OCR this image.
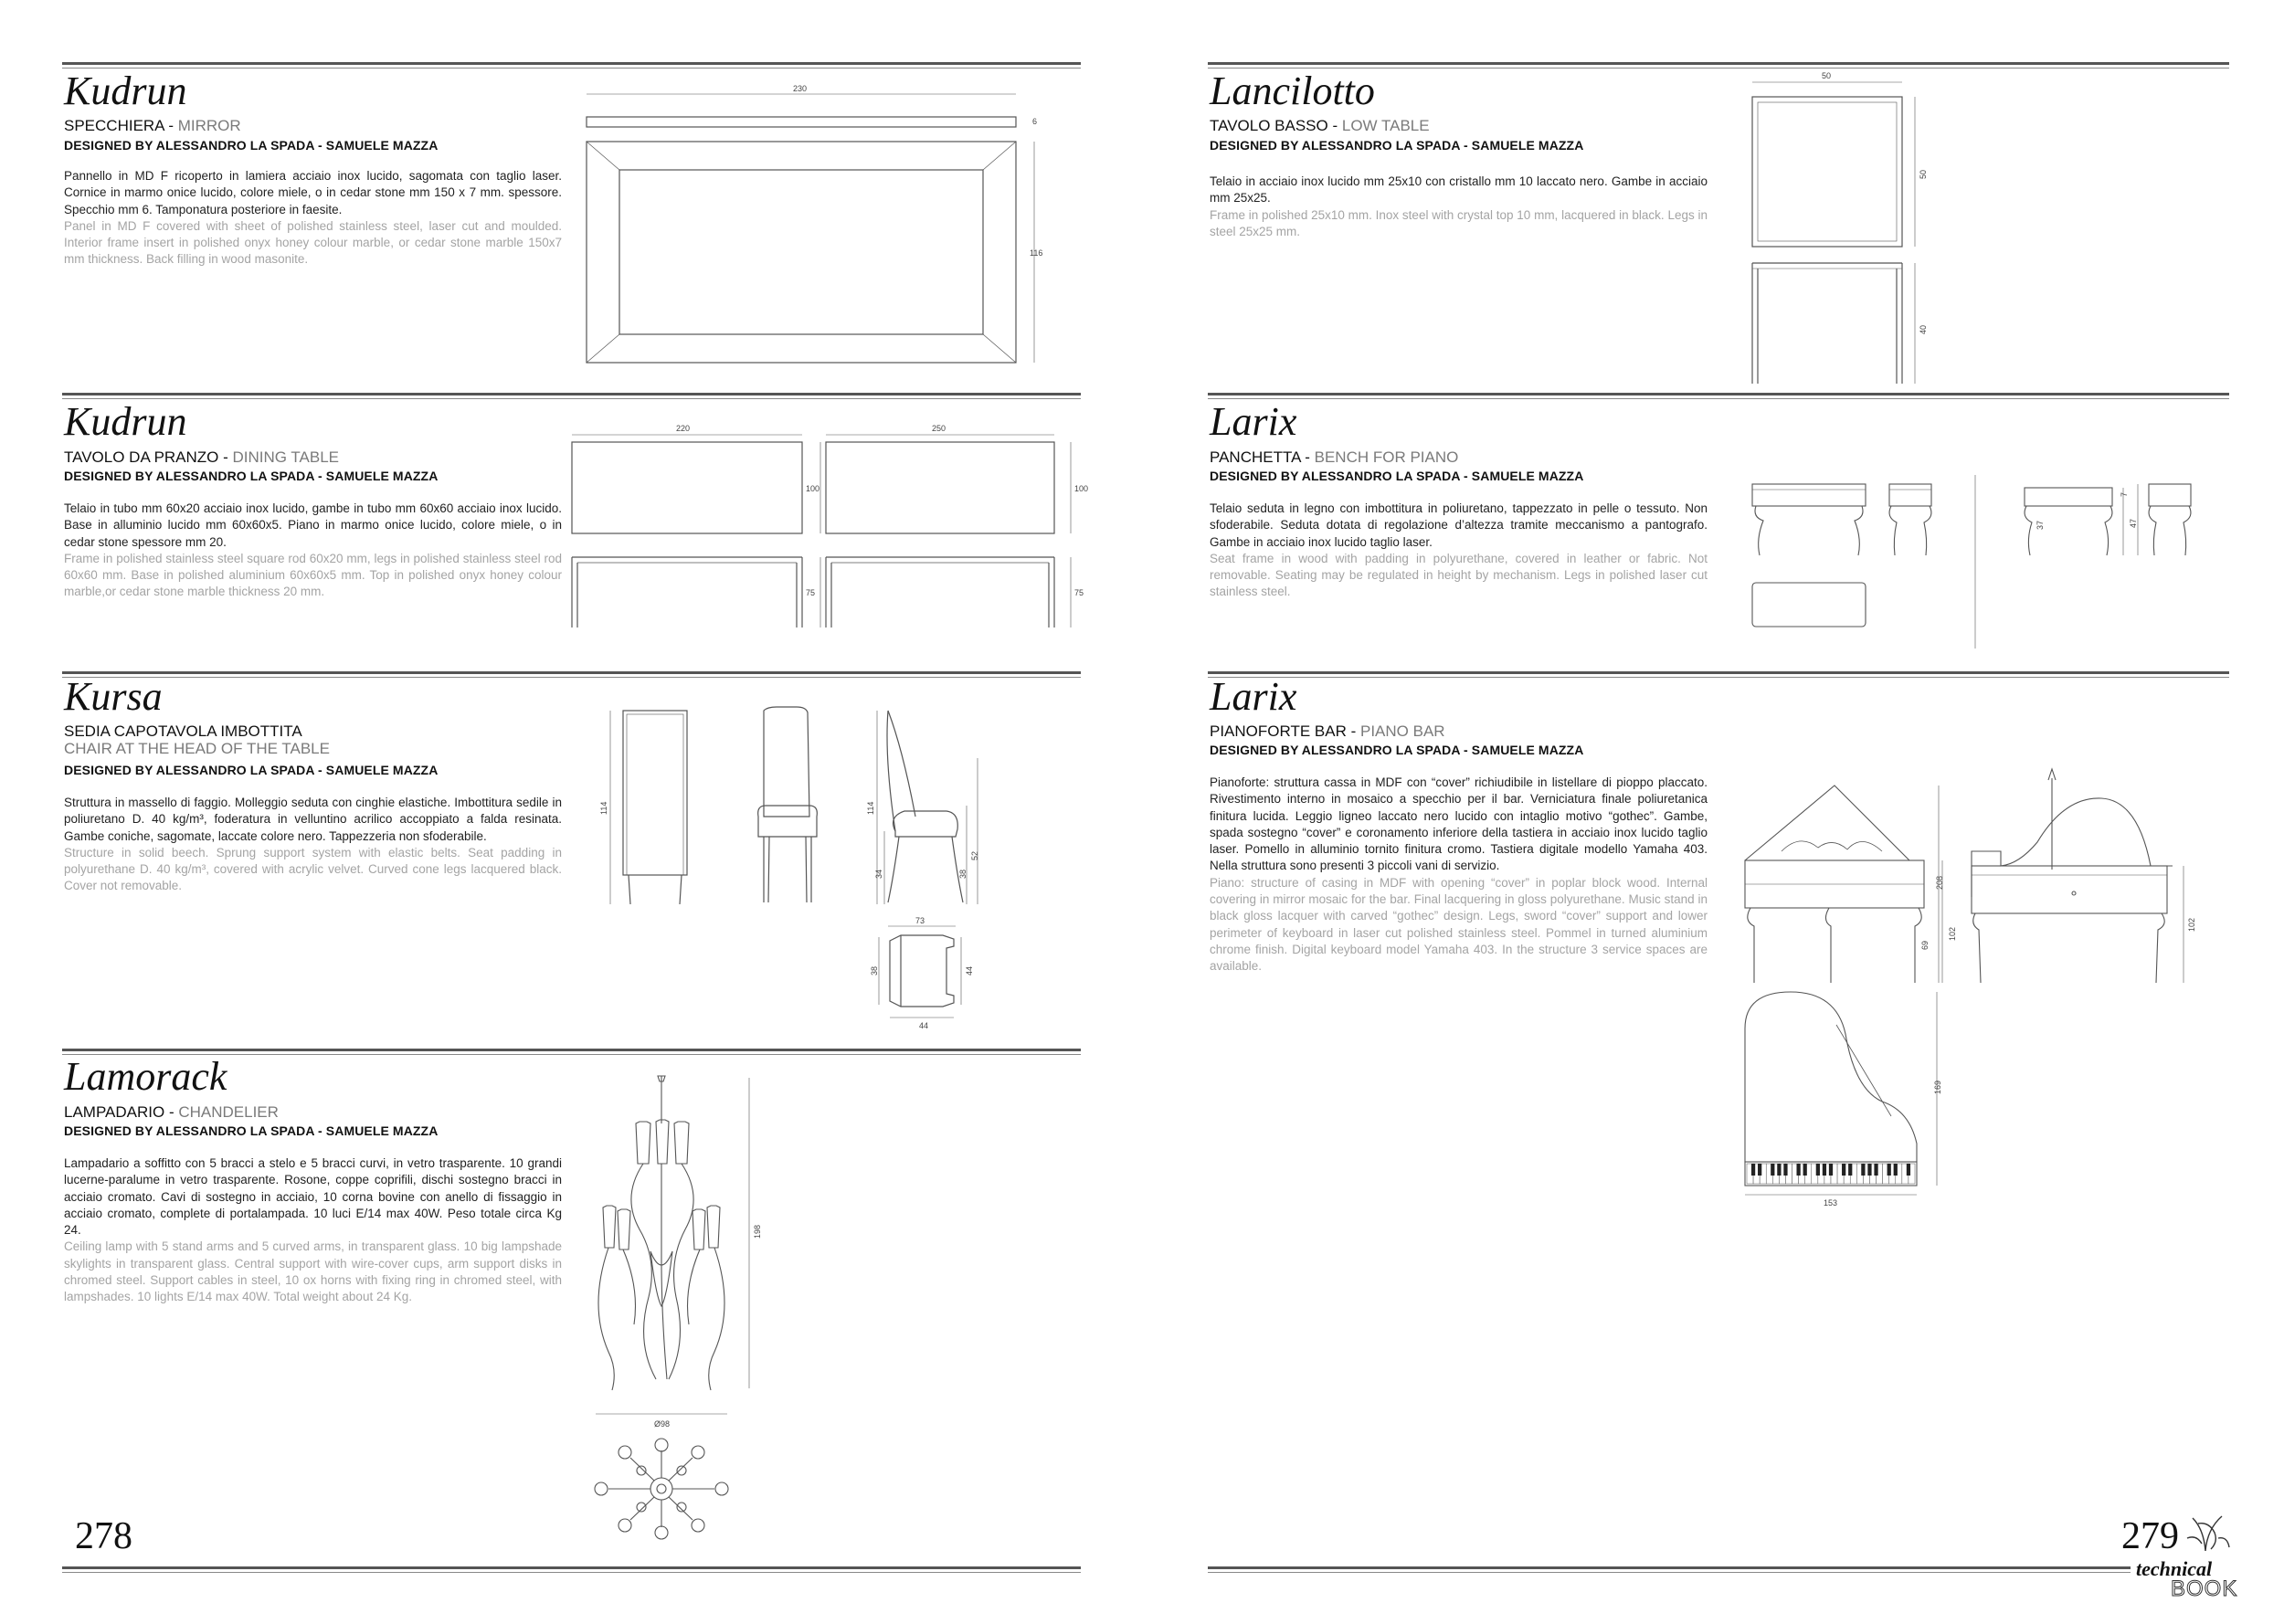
Kudrun
SPECCHIERA - MIRROR
DESIGNED BY ALESSANDRO LA SPADA - SAMUELE MAZZA
Pannello in MD F ricoperto in lamiera acciaio inox lucido, sagomata con taglio laser. Cornice in marmo onice lucido, colore miele, o in cedar stone mm 150 x 7 mm. spessore. Specchio mm 6. Tamponatura posteriore in faesite.
Panel in MD F covered with sheet of polished stainless steel, laser cut and moulded. Interior frame insert in polished onyx honey colour marble, or cedar stone marble 150x7 mm thickness. Back filling in wood masonite.
230
6
116
Kudrun
TAVOLO DA PRANZO - DINING TABLE
DESIGNED BY ALESSANDRO LA SPADA - SAMUELE MAZZA
Telaio in tubo mm 60x20 acciaio inox lucido, gambe in tubo mm 60x60 acciaio inox lucido. Base in alluminio lucido mm 60x60x5. Piano in marmo onice lucido, colore miele, o in cedar stone spessore mm 20.
Frame in polished stainless steel square rod 60x20 mm, legs in polished stainless steel rod 60x60 mm. Base in polished aluminium 60x60x5 mm. Top in polished onyx honey colour marble,or cedar stone marble thickness 20 mm.
220	250
100	100
75	75
Kursa
SEDIA CAPOTAVOLA IMBOTTITA
CHAIR AT THE HEAD OF THE TABLE
DESIGNED BY ALESSANDRO LA SPADA - SAMUELE MAZZA
Struttura in massello di faggio. Molleggio seduta con cinghie elastiche. Imbottitura sedile in poliuretano D. 40 kg/m³, foderatura in velluntino acrilico accoppiato a falda resinata. Gambe coniche, sagomate, laccate colore nero. Tappezzeria non sfoderabile.
Structure in solid beech. Sprung support system with elastic belts. Seat padding in polyurethane D. 40 kg/m³, covered with acrylic velvet. Curved cone legs lacquered black. Cover not removable.
114	114
34	38
52
73
38	44
44
Lamorack
LAMPADARIO - CHANDELIER
DESIGNED BY ALESSANDRO LA SPADA - SAMUELE MAZZA
Lampadario a soffitto con 5 bracci a stelo e 5 bracci curvi, in vetro trasparente. 10 grandi lucerne-paralume in vetro trasparente. Rosone, coppe copriﬁli, dischi sostegno bracci in acciaio cromato. Cavi di sostegno in acciaio, 10 corna bovine con anello di ﬁssaggio in acciaio cromato, complete di portalampada. 10 luci E/14 max 40W. Peso totale circa Kg 24.
Ceiling lamp with 5 stand arms and 5 curved arms, in transparent glass. 10 big lampshade skylights in transparent glass. Central support with wire-cover cups, arm support disks in chromed steel. Support cables in steel, 10 ox horns with fixing ring in chromed steel, with lampshades. 10 lights E/14 max 40W. Total weight about 24 Kg.
198
Ø98
Lancilotto
TAVOLO BASSO - LOW TABLE
DESIGNED BY ALESSANDRO LA SPADA - SAMUELE MAZZA
Telaio in acciaio inox lucido mm 25x10 con cristallo mm 10 laccato nero. Gambe in acciaio mm 25x25.
Frame in polished 25x10 mm. Inox steel with crystal top 10 mm, lacquered in black. Legs in steel 25x25 mm.
50
50
40
Larix
PANCHETTA - BENCH FOR PIANO
DESIGNED BY ALESSANDRO LA SPADA - SAMUELE MAZZA
Telaio seduta in legno con imbottitura in poliuretano, tappezzato in pelle o tessuto. Non sfoderabile. Seduta dotata di regolazione d’altezza tramite meccanismo a pantografo. Gambe in acciaio inox lucido taglio laser.
Seat frame in wood with padding in polyurethane, covered in leather or fabric. Not removable. Seating may be regulated in height by mechanism. Legs in polished laser cut stainless steel.
37
7
47
Larix
PIANOFORTE BAR - PIANO BAR
DESIGNED BY ALESSANDRO LA SPADA - SAMUELE MAZZA
Pianoforte: struttura cassa in MDF con “cover” richiudibile in listellare di pioppo placcato. Rivestimento interno in mosaico a specchio per il bar. Verniciatura ﬁnale poliuretanica ﬁnitura lucida. Leggio ligneo laccato nero lucido con intaglio motivo “gothec”. Gambe, spada sostegno “cover” e coronamento inferiore della tastiera in acciaio inox lucido taglio laser. Pomello in alluminio tornito ﬁnitura cromo. Tastiera digitale modello Yamaha 403. Nella struttura sono presenti 3 piccoli vani di servizio.
Piano: structure of casing in MDF with opening “cover” in poplar block wood. Internal covering in mirror mosaic for the bar. Final lacquering in gloss polyurethane. Music stand in black gloss lacquer with carved “gothec” design. Legs, sword “cover” support and lower perimeter of keyboard in laser cut polished stainless steel. Pommel in turned aluminium chrome ﬁnish. Digital keyboard model Yamaha 403. In the structure 3 service spaces are available.
208
102
69
102
169
153
278	279
technical
BOOK
